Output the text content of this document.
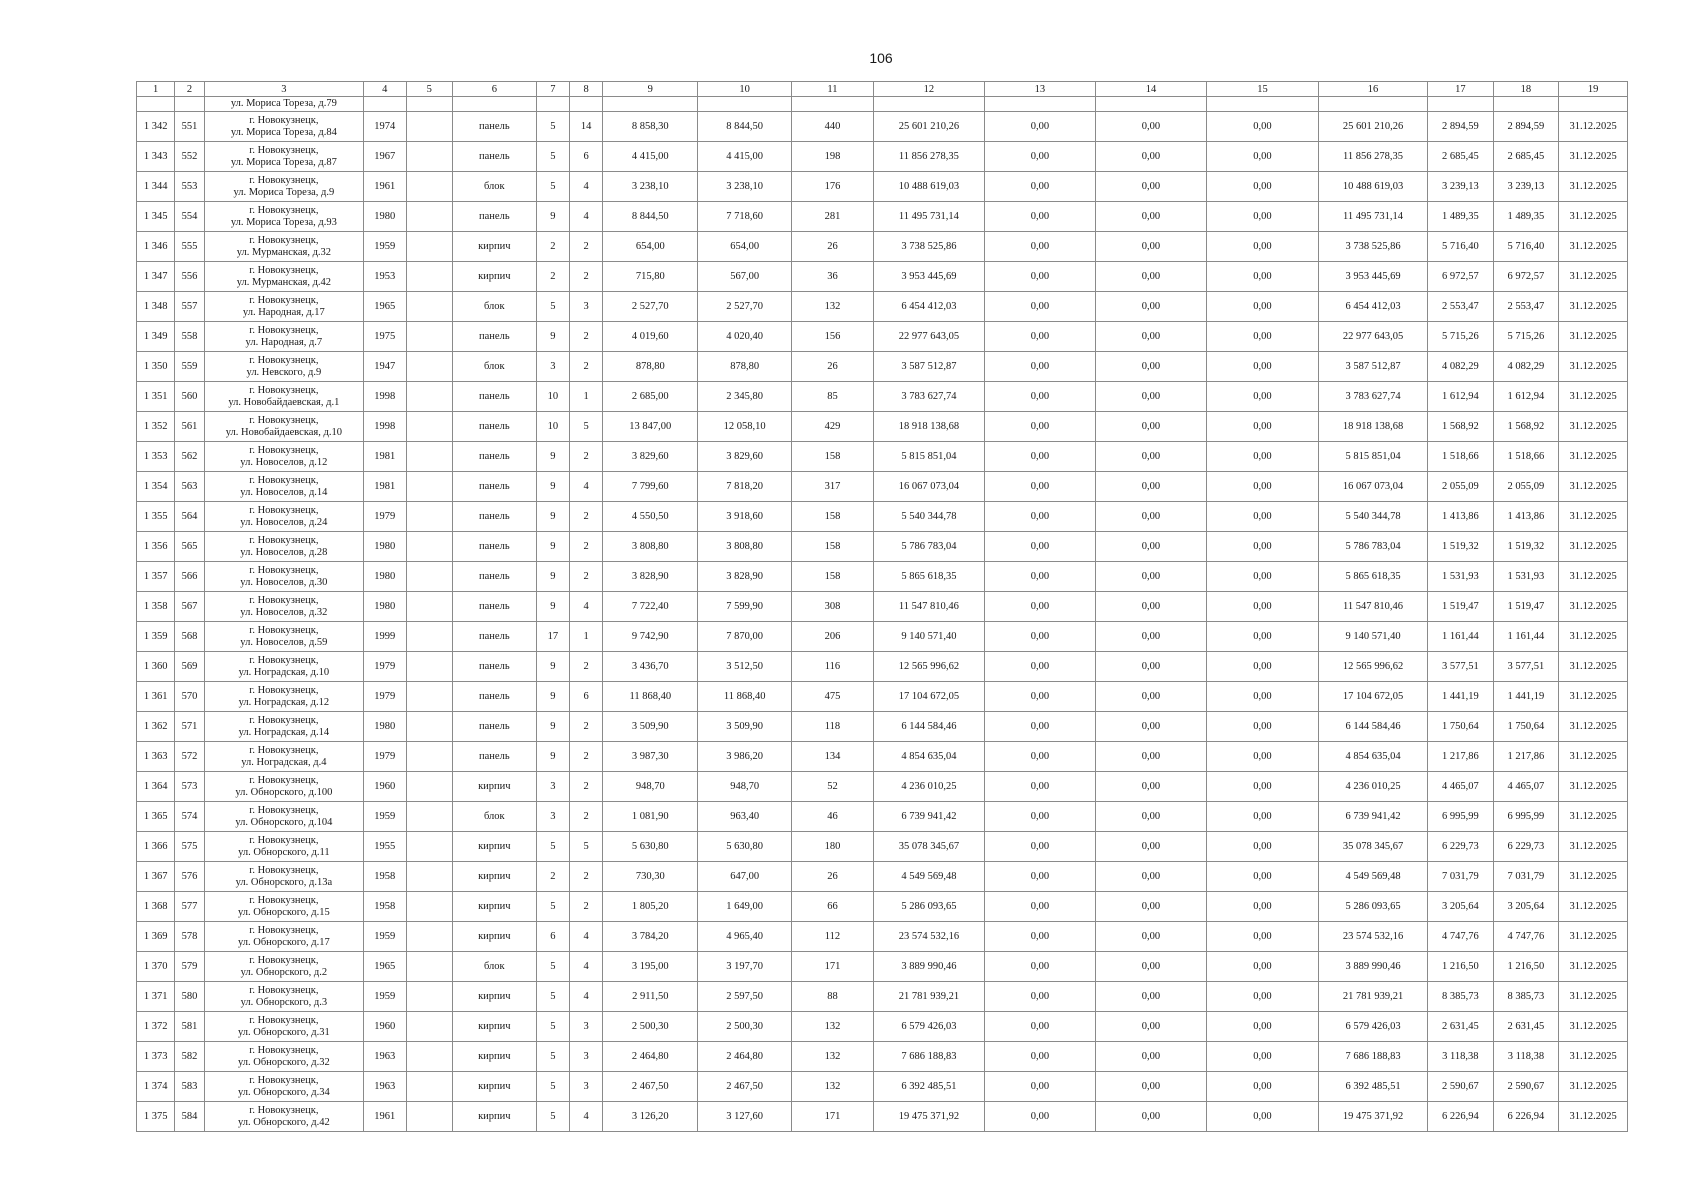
106
1	2	3	4	5	6	7	8	9	10	11	12	13	14	15	16	17	18	19
		ул. Мориса Тореза, д.79																
1 342	551	г. Новокузнецк,
ул. Мориса Тореза, д.84	1974		панель	5	14	8 858,30	8 844,50	440	25 601 210,26	0,00	0,00	0,00	25 601 210,26	2 894,59	2 894,59	31.12.2025
1 343	552	г. Новокузнецк,
ул. Мориса Тореза, д.87	1967		панель	5	6	4 415,00	4 415,00	198	11 856 278,35	0,00	0,00	0,00	11 856 278,35	2 685,45	2 685,45	31.12.2025
1 344	553	г. Новокузнецк,
ул. Мориса Тореза, д.9	1961		блок	5	4	3 238,10	3 238,10	176	10 488 619,03	0,00	0,00	0,00	10 488 619,03	3 239,13	3 239,13	31.12.2025
1 345	554	г. Новокузнецк,
ул. Мориса Тореза, д.93	1980		панель	9	4	8 844,50	7 718,60	281	11 495 731,14	0,00	0,00	0,00	11 495 731,14	1 489,35	1 489,35	31.12.2025
1 346	555	г. Новокузнецк,
ул. Мурманская, д.32	1959		кирпич	2	2	654,00	654,00	26	3 738 525,86	0,00	0,00	0,00	3 738 525,86	5 716,40	5 716,40	31.12.2025
1 347	556	г. Новокузнецк,
ул. Мурманская, д.42	1953		кирпич	2	2	715,80	567,00	36	3 953 445,69	0,00	0,00	0,00	3 953 445,69	6 972,57	6 972,57	31.12.2025
1 348	557	г. Новокузнецк,
ул. Народная, д.17	1965		блок	5	3	2 527,70	2 527,70	132	6 454 412,03	0,00	0,00	0,00	6 454 412,03	2 553,47	2 553,47	31.12.2025
1 349	558	г. Новокузнецк,
ул. Народная, д.7	1975		панель	9	2	4 019,60	4 020,40	156	22 977 643,05	0,00	0,00	0,00	22 977 643,05	5 715,26	5 715,26	31.12.2025
1 350	559	г. Новокузнецк,
ул. Невского, д.9	1947		блок	3	2	878,80	878,80	26	3 587 512,87	0,00	0,00	0,00	3 587 512,87	4 082,29	4 082,29	31.12.2025
1 351	560	г. Новокузнецк,
ул. Новобайдаевская, д.1	1998		панель	10	1	2 685,00	2 345,80	85	3 783 627,74	0,00	0,00	0,00	3 783 627,74	1 612,94	1 612,94	31.12.2025
1 352	561	г. Новокузнецк,
ул. Новобайдаевская, д.10	1998		панель	10	5	13 847,00	12 058,10	429	18 918 138,68	0,00	0,00	0,00	18 918 138,68	1 568,92	1 568,92	31.12.2025
1 353	562	г. Новокузнецк,
ул. Новоселов, д.12	1981		панель	9	2	3 829,60	3 829,60	158	5 815 851,04	0,00	0,00	0,00	5 815 851,04	1 518,66	1 518,66	31.12.2025
1 354	563	г. Новокузнецк,
ул. Новоселов, д.14	1981		панель	9	4	7 799,60	7 818,20	317	16 067 073,04	0,00	0,00	0,00	16 067 073,04	2 055,09	2 055,09	31.12.2025
1 355	564	г. Новокузнецк,
ул. Новоселов, д.24	1979		панель	9	2	4 550,50	3 918,60	158	5 540 344,78	0,00	0,00	0,00	5 540 344,78	1 413,86	1 413,86	31.12.2025
1 356	565	г. Новокузнецк,
ул. Новоселов, д.28	1980		панель	9	2	3 808,80	3 808,80	158	5 786 783,04	0,00	0,00	0,00	5 786 783,04	1 519,32	1 519,32	31.12.2025
1 357	566	г. Новокузнецк,
ул. Новоселов, д.30	1980		панель	9	2	3 828,90	3 828,90	158	5 865 618,35	0,00	0,00	0,00	5 865 618,35	1 531,93	1 531,93	31.12.2025
1 358	567	г. Новокузнецк,
ул. Новоселов, д.32	1980		панель	9	4	7 722,40	7 599,90	308	11 547 810,46	0,00	0,00	0,00	11 547 810,46	1 519,47	1 519,47	31.12.2025
1 359	568	г. Новокузнецк,
ул. Новоселов, д.59	1999		панель	17	1	9 742,90	7 870,00	206	9 140 571,40	0,00	0,00	0,00	9 140 571,40	1 161,44	1 161,44	31.12.2025
1 360	569	г. Новокузнецк,
ул. Ноградская, д.10	1979		панель	9	2	3 436,70	3 512,50	116	12 565 996,62	0,00	0,00	0,00	12 565 996,62	3 577,51	3 577,51	31.12.2025
1 361	570	г. Новокузнецк,
ул. Ноградская, д.12	1979		панель	9	6	11 868,40	11 868,40	475	17 104 672,05	0,00	0,00	0,00	17 104 672,05	1 441,19	1 441,19	31.12.2025
1 362	571	г. Новокузнецк,
ул. Ноградская, д.14	1980		панель	9	2	3 509,90	3 509,90	118	6 144 584,46	0,00	0,00	0,00	6 144 584,46	1 750,64	1 750,64	31.12.2025
1 363	572	г. Новокузнецк,
ул. Ноградская, д.4	1979		панель	9	2	3 987,30	3 986,20	134	4 854 635,04	0,00	0,00	0,00	4 854 635,04	1 217,86	1 217,86	31.12.2025
1 364	573	г. Новокузнецк,
ул. Обнорского, д.100	1960		кирпич	3	2	948,70	948,70	52	4 236 010,25	0,00	0,00	0,00	4 236 010,25	4 465,07	4 465,07	31.12.2025
1 365	574	г. Новокузнецк,
ул. Обнорского, д.104	1959		блок	3	2	1 081,90	963,40	46	6 739 941,42	0,00	0,00	0,00	6 739 941,42	6 995,99	6 995,99	31.12.2025
1 366	575	г. Новокузнецк,
ул. Обнорского, д.11	1955		кирпич	5	5	5 630,80	5 630,80	180	35 078 345,67	0,00	0,00	0,00	35 078 345,67	6 229,73	6 229,73	31.12.2025
1 367	576	г. Новокузнецк,
ул. Обнорского, д.13а	1958		кирпич	2	2	730,30	647,00	26	4 549 569,48	0,00	0,00	0,00	4 549 569,48	7 031,79	7 031,79	31.12.2025
1 368	577	г. Новокузнецк,
ул. Обнорского, д.15	1958		кирпич	5	2	1 805,20	1 649,00	66	5 286 093,65	0,00	0,00	0,00	5 286 093,65	3 205,64	3 205,64	31.12.2025
1 369	578	г. Новокузнецк,
ул. Обнорского, д.17	1959		кирпич	6	4	3 784,20	4 965,40	112	23 574 532,16	0,00	0,00	0,00	23 574 532,16	4 747,76	4 747,76	31.12.2025
1 370	579	г. Новокузнецк,
ул. Обнорского, д.2	1965		блок	5	4	3 195,00	3 197,70	171	3 889 990,46	0,00	0,00	0,00	3 889 990,46	1 216,50	1 216,50	31.12.2025
1 371	580	г. Новокузнецк,
ул. Обнорского, д.3	1959		кирпич	5	4	2 911,50	2 597,50	88	21 781 939,21	0,00	0,00	0,00	21 781 939,21	8 385,73	8 385,73	31.12.2025
1 372	581	г. Новокузнецк,
ул. Обнорского, д.31	1960		кирпич	5	3	2 500,30	2 500,30	132	6 579 426,03	0,00	0,00	0,00	6 579 426,03	2 631,45	2 631,45	31.12.2025
1 373	582	г. Новокузнецк,
ул. Обнорского, д.32	1963		кирпич	5	3	2 464,80	2 464,80	132	7 686 188,83	0,00	0,00	0,00	7 686 188,83	3 118,38	3 118,38	31.12.2025
1 374	583	г. Новокузнецк,
ул. Обнорского, д.34	1963		кирпич	5	3	2 467,50	2 467,50	132	6 392 485,51	0,00	0,00	0,00	6 392 485,51	2 590,67	2 590,67	31.12.2025
1 375	584	г. Новокузнецк,
ул. Обнорского, д.42	1961		кирпич	5	4	3 126,20	3 127,60	171	19 475 371,92	0,00	0,00	0,00	19 475 371,92	6 226,94	6 226,94	31.12.2025
